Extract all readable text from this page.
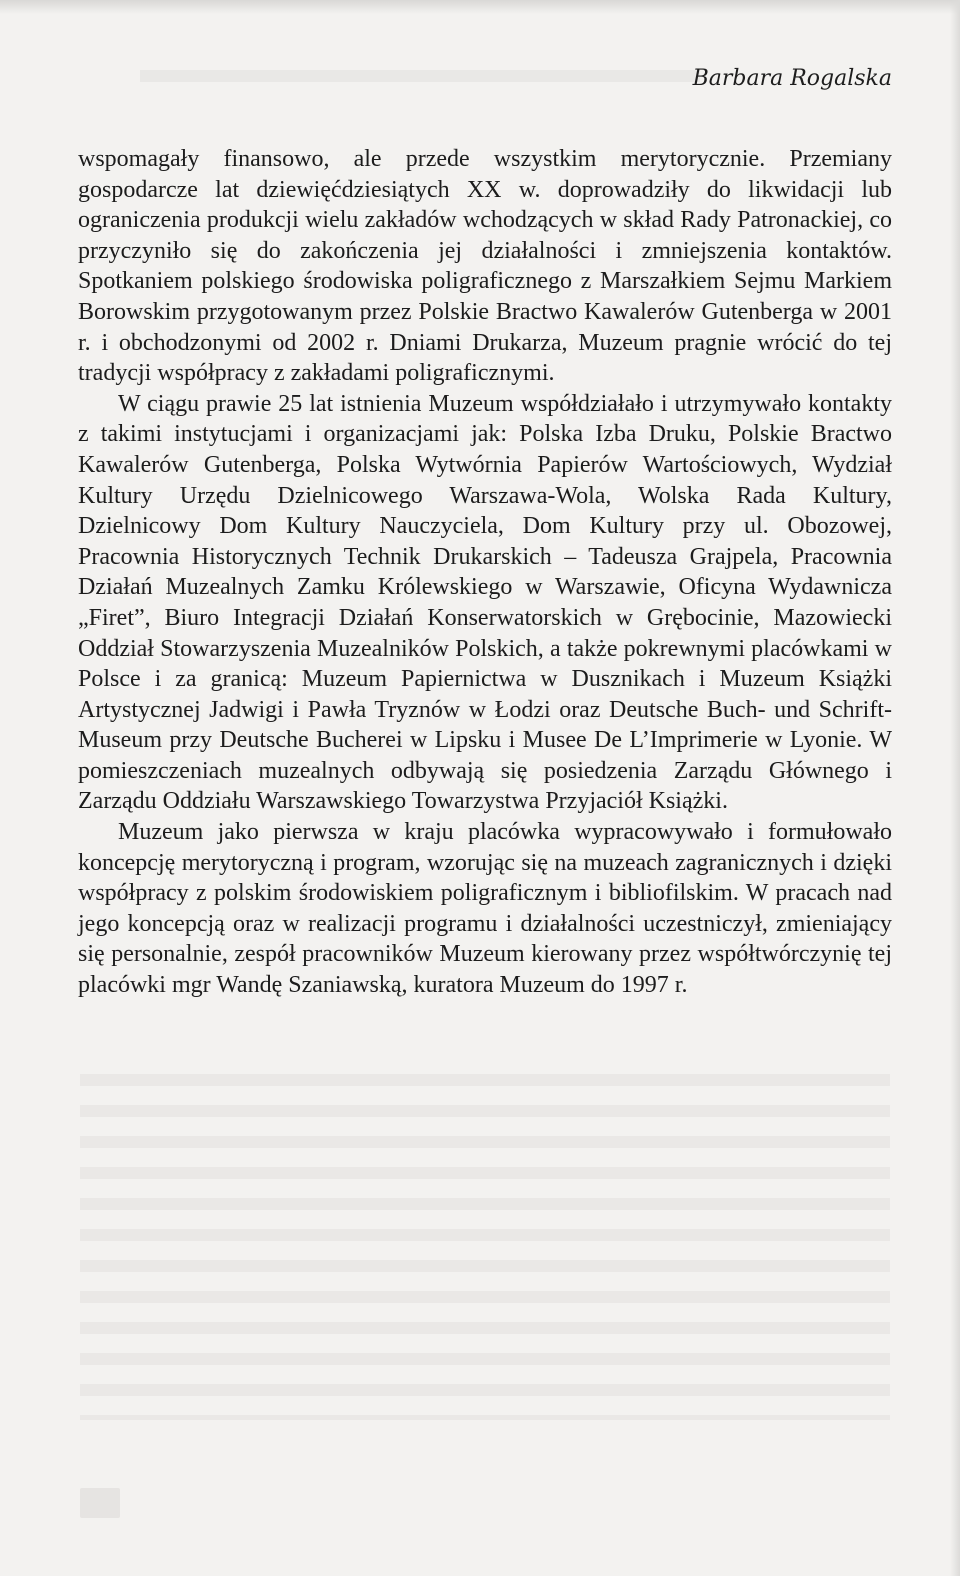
Barbara Rogalska

wspomagały finansowo, ale przede wszystkim merytorycznie. Przemiany gospodarcze lat dziewięćdziesiątych XX w. doprowadziły do likwidacji lub ograniczenia produkcji wielu zakładów wchodzących w skład Rady Patronackiej, co przyczyniło się do zakończenia jej działalności i zmniejszenia kontaktów. Spotkaniem polskiego środowiska poligraficznego z Marszałkiem Sejmu Markiem Borowskim przygotowanym przez Polskie Bractwo Kawalerów Gutenberga w 2001 r. i obchodzonymi od 2002 r. Dniami Drukarza, Muzeum pragnie wrócić do tej tradycji współpracy z zakładami poligraficznymi.

W ciągu prawie 25 lat istnienia Muzeum współdziałało i utrzymywało kontakty z takimi instytucjami i organizacjami jak: Polska Izba Druku, Polskie Bractwo Kawalerów Gutenberga, Polska Wytwórnia Papierów Wartościowych, Wydział Kultury Urzędu Dzielnicowego Warszawa-Wola, Wolska Rada Kultury, Dzielnicowy Dom Kultury Nauczyciela, Dom Kultury przy ul. Obozowej, Pracownia Historycznych Technik Drukarskich – Tadeusza Grajpela, Pracownia Działań Muzealnych Zamku Królewskiego w Warszawie, Oficyna Wydawnicza „Firet”, Biuro Integracji Działań Konserwatorskich w Grębocinie, Mazowiecki Oddział Stowarzyszenia Muzealników Polskich, a także pokrewnymi placówkami w Polsce i za granicą: Muzeum Papiernictwa w Dusznikach i Muzeum Książki Artystycznej Jadwigi i Pawła Tryznów w Łodzi oraz Deutsche Buch- und Schrift-Museum przy Deutsche Bucherei w Lipsku i Musee De L’Imprimerie w Lyonie. W pomieszczeniach muzealnych odbywają się posiedzenia Zarządu Głównego i Zarządu Oddziału Warszawskiego Towarzystwa Przyjaciół Książki.

Muzeum jako pierwsza w kraju placówka wypracowywało i formułowało koncepcję merytoryczną i program, wzorując się na muzeach zagranicznych i dzięki współpracy z polskim środowiskiem poligraficznym i bibliofilskim. W pracach nad jego koncepcją oraz w realizacji programu i działalności uczestniczył, zmieniający się personalnie, zespół pracowników Muzeum kierowany przez współtwórczynię tej placówki mgr Wandę Szaniawską, kuratora Muzeum do 1997 r.
